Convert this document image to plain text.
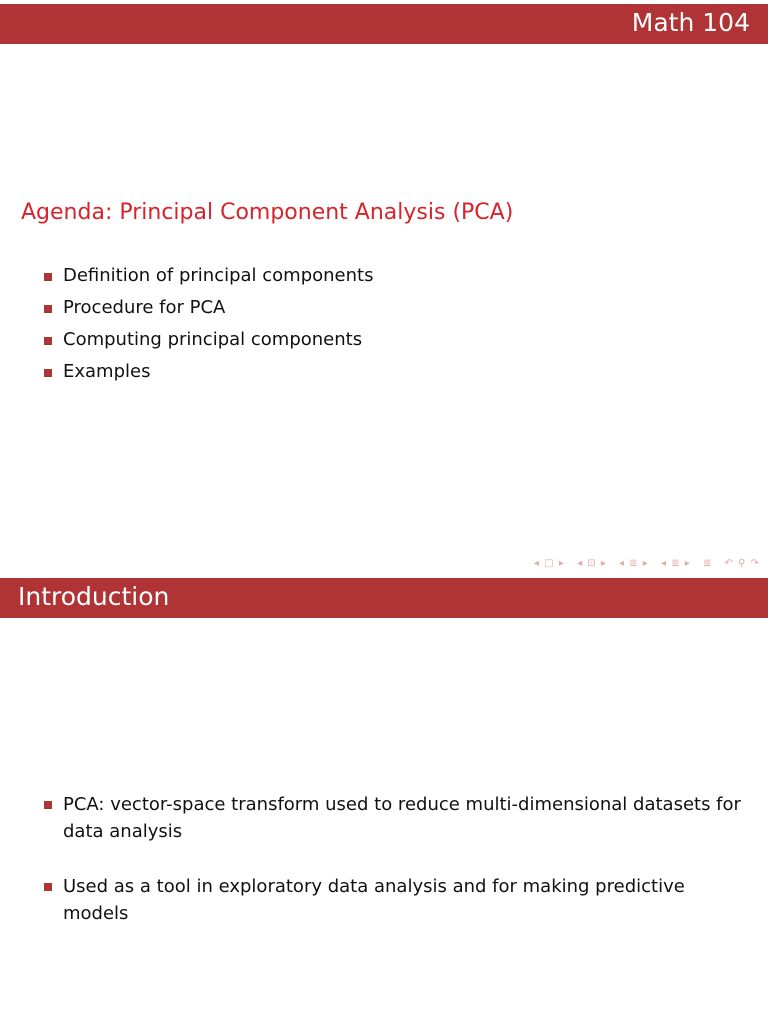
Math 104
Agenda: Principal Component Analysis (PCA)
Definition of principal components
Procedure for PCA
Computing principal components
Examples
◂ □ ▸ ◂ ⊡ ▸ ◂ ≣ ▸ ◂ ≣ ▸ ≣ ↶ ⚲ ↷
Introduction
PCA: vector-space transform used to reduce multi-dimensional datasets for data analysis
Used as a tool in exploratory data analysis and for making predictive models
